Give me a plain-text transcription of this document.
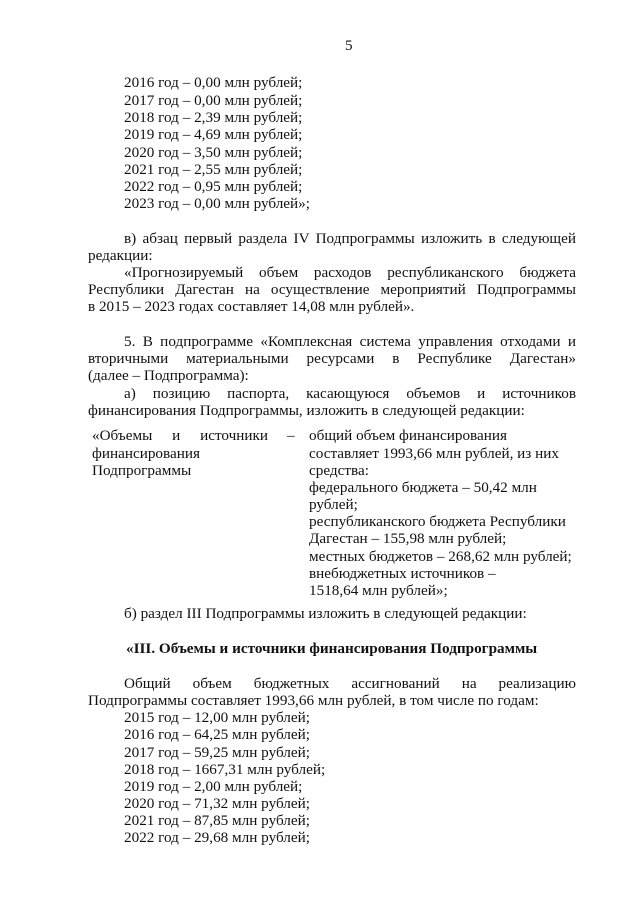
5
2016 год – 0,00 млн рублей;
2017 год – 0,00 млн рублей;
2018 год – 2,39 млн рублей;
2019 год – 4,69 млн рублей;
2020 год – 3,50 млн рублей;
2021 год – 2,55 млн рублей;
2022 год – 0,95 млн рублей;
2023 год – 0,00 млн рублей»;
в) абзац первый раздела IV Подпрограммы изложить в следующей
редакции:
«Прогнозируемый объем расходов республиканского бюджета
Республики Дагестан на осуществление мероприятий Подпрограммы
в 2015 – 2023 годах составляет 14,08 млн рублей».
5. В подпрограмме «Комплексная система управления отходами и
вторичными материальными ресурсами в Республике Дагестан»
(далее – Подпрограмма):
а) позицию паспорта, касающуюся объемов и источников
финансирования Подпрограммы, изложить в следующей редакции:
«Объемы и источники –
финансирования
Подпрограммы
общий объем финансирования
составляет 1993,66 млн рублей, из них
средства:
федерального бюджета – 50,42 млн
рублей;
республиканского бюджета Республики
Дагестан – 155,98 млн рублей;
местных бюджетов – 268,62 млн рублей;
внебюджетных источников –
1518,64 млн рублей»;
б) раздел III Подпрограммы изложить в следующей редакции:
«III. Объемы и источники финансирования Подпрограммы
Общий объем бюджетных ассигнований на реализацию
Подпрограммы составляет 1993,66 млн рублей, в том числе по годам:
2015 год – 12,00 млн рублей;
2016 год – 64,25 млн рублей;
2017 год – 59,25 млн рублей;
2018 год – 1667,31 млн рублей;
2019 год – 2,00 млн рублей;
2020 год – 71,32 млн рублей;
2021 год – 87,85 млн рублей;
2022 год – 29,68 млн рублей;
